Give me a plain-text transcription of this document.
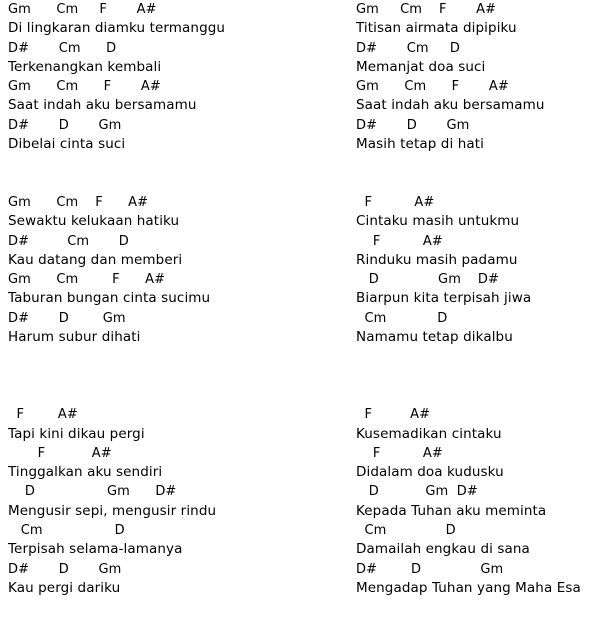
Gm      Cm     F       A#
Di lingkaran diamku termanggu
D#       Cm      D
Terkenangkan kembali
Gm      Cm      F       A#
Saat indah aku bersamamu
D#       D       Gm
Dibelai cinta suci
Gm      Cm    F      A#
Sewaktu kelukaan hatiku
D#         Cm       D
Kau datang dan memberi
Gm      Cm        F      A#
Taburan bungan cinta sucimu
D#       D        Gm
Harum subur dihati
F        A#
Tapi kini dikau pergi
F           A#
Tinggalkan aku sendiri
D                 Gm      D#
Mengusir sepi, mengusir rindu
Cm                 D
Terpisah selama-lamanya
D#       D       Gm
Kau pergi dariku
Gm     Cm    F       A#
Titisan airmata dipipiku
D#       Cm     D
Memanjat doa suci
Gm      Cm      F       A#
Saat indah aku bersamamu
D#       D       Gm
Masih tetap di hati
F          A#
Cintaku masih untukmu
F          A#
Rinduku masih padamu
D              Gm    D#
Biarpun kita terpisah jiwa
Cm            D
Namamu tetap dikalbu
F         A#
Kusemadikan cintaku
F          A#
Didalam doa kudusku
D           Gm  D#
Kepada Tuhan aku meminta
Cm              D
Damailah engkau di sana
D#        D              Gm
Mengadap Tuhan yang Maha Esa
